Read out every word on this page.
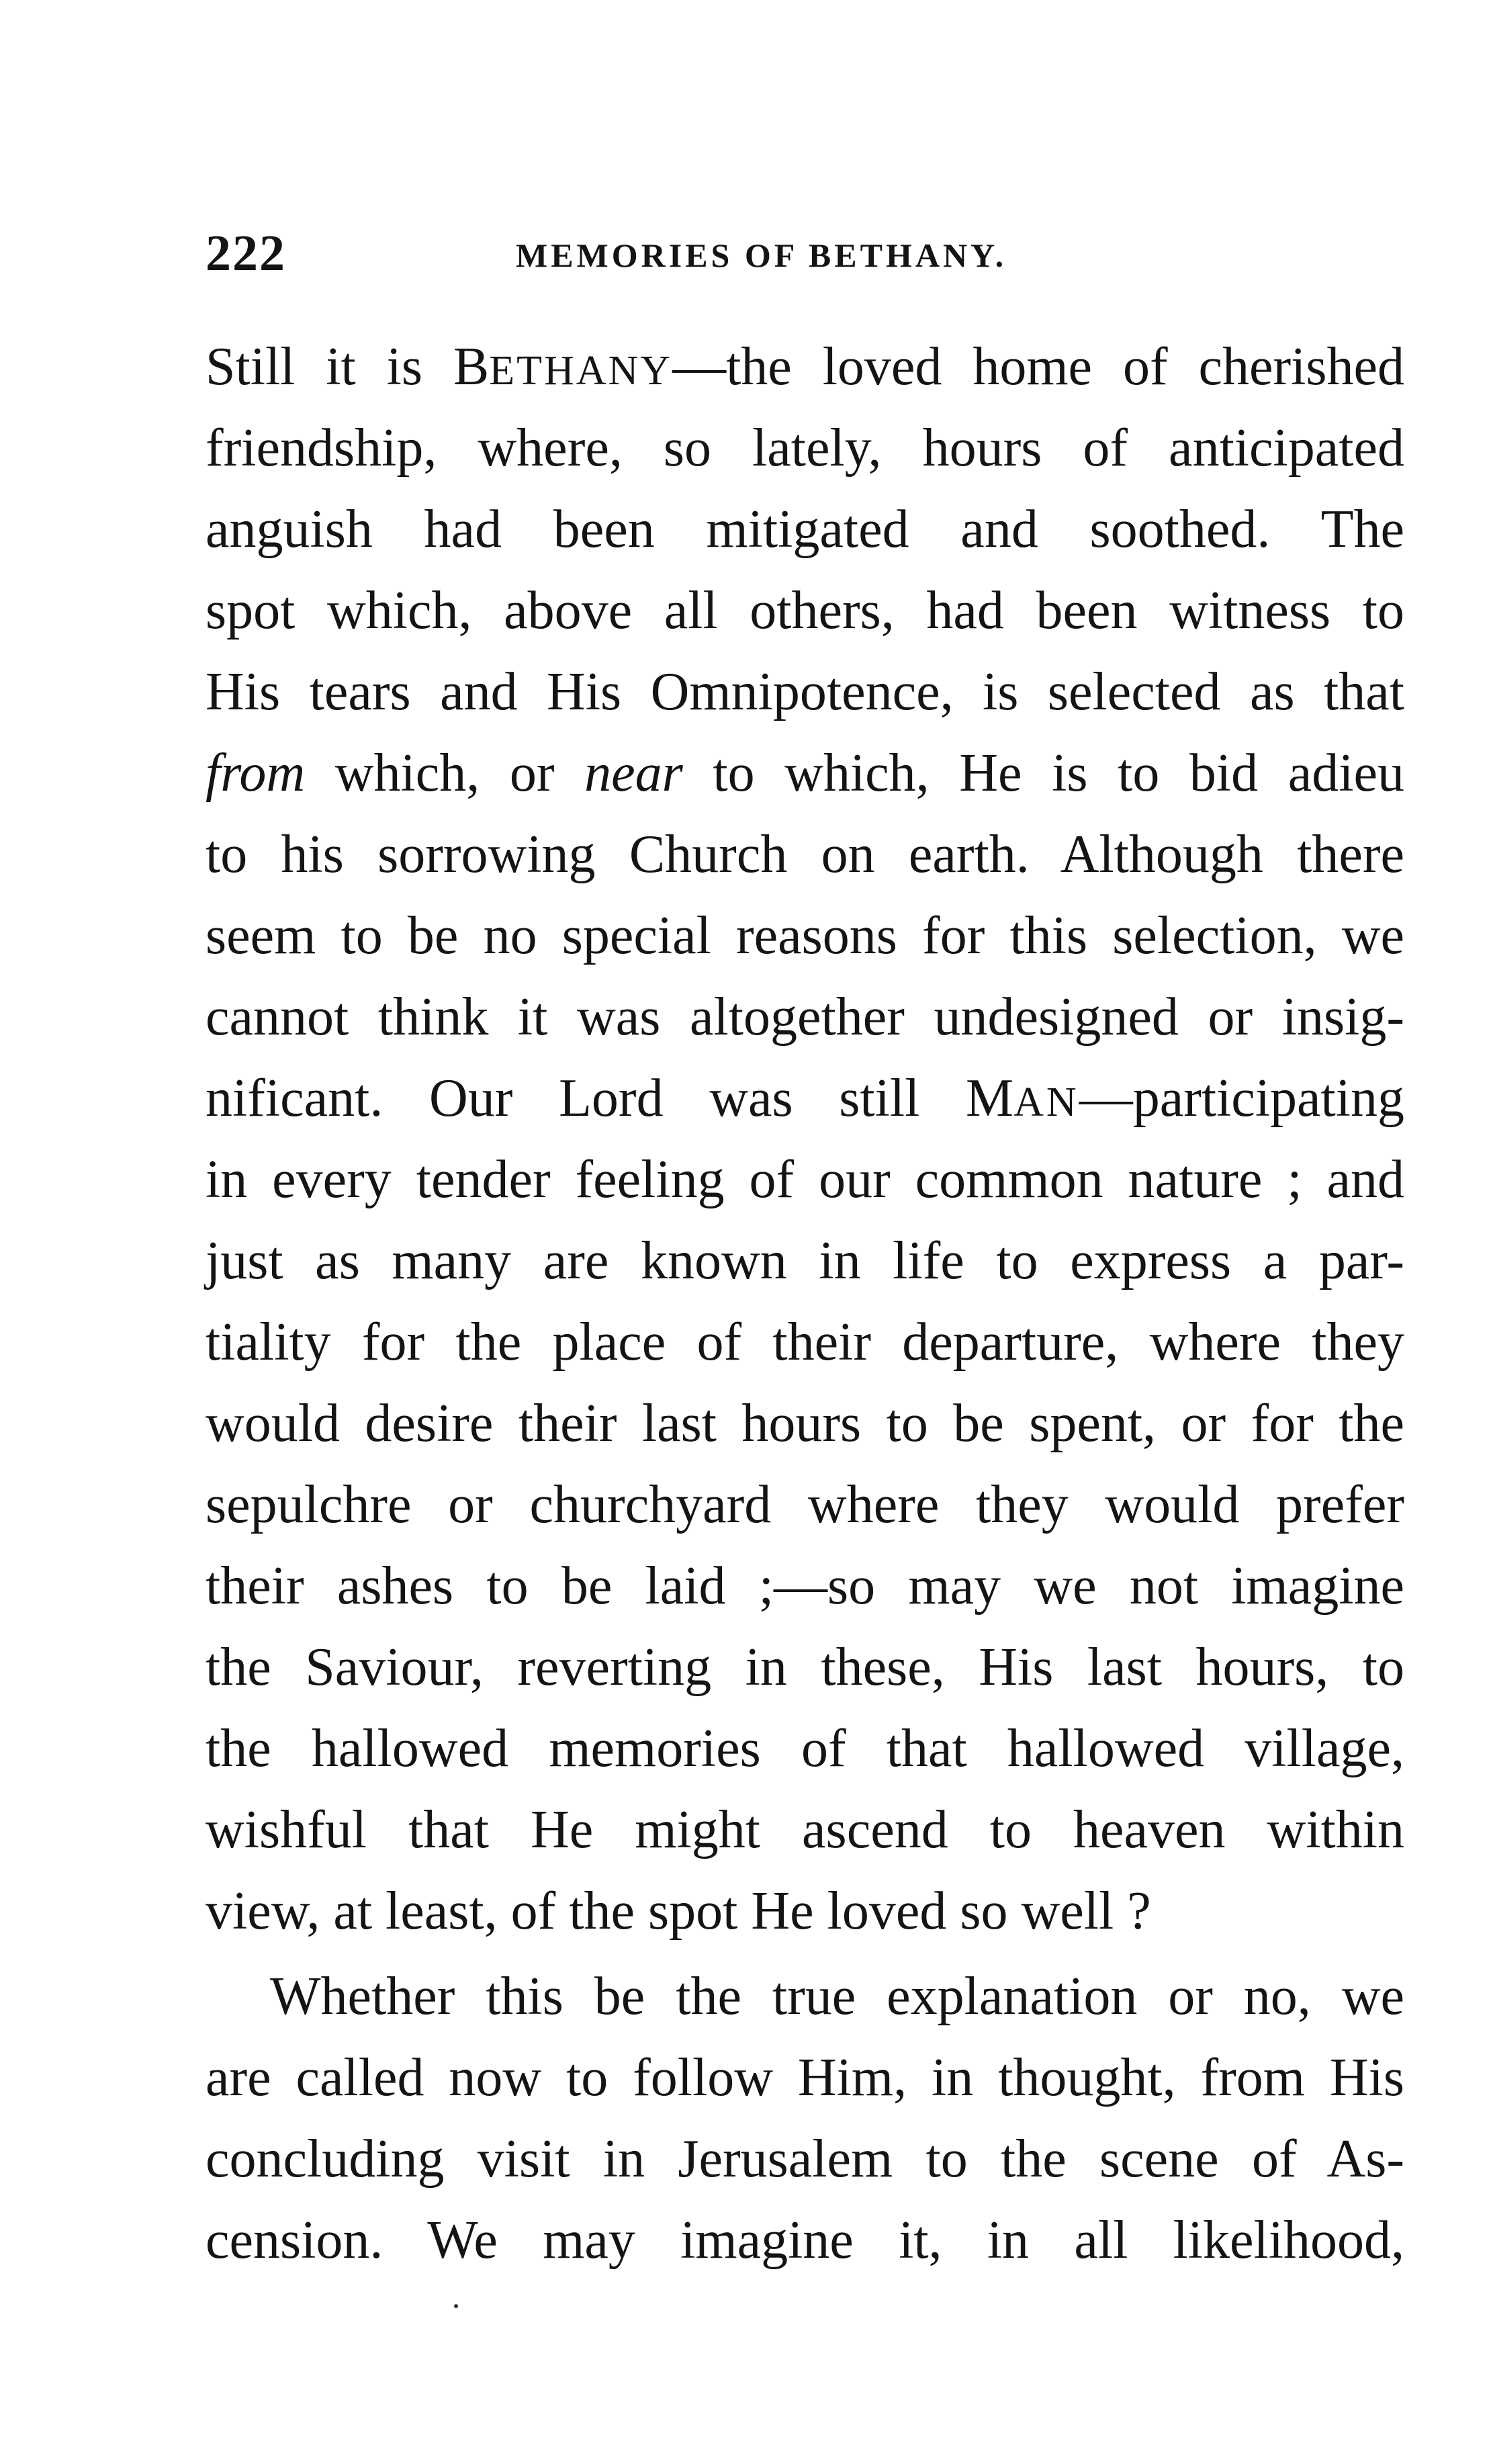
222	MEMORIES OF BETHANY.
Still it is BETHANY—the loved home of cherished
friendship, where, so lately, hours of anticipated
anguish had been mitigated and soothed. The
spot which, above all others, had been witness to
His tears and His Omnipotence, is selected as that
from which, or near to which, He is to bid adieu
to his sorrowing Church on earth. Although there
seem to be no special reasons for this selection, we
cannot think it was altogether undesigned or insig-
nificant. Our Lord was still MAN—participating
in every tender feeling of our common nature ; and
just as many are known in life to express a par-
tiality for the place of their departure, where they
would desire their last hours to be spent, or for the
sepulchre or churchyard where they would prefer
their ashes to be laid ;—so may we not imagine
the Saviour, reverting in these, His last hours, to
the hallowed memories of that hallowed village,
wishful that He might ascend to heaven within
view, at least, of the spot He loved so well ?
Whether this be the true explanation or no, we
are called now to follow Him, in thought, from His
concluding visit in Jerusalem to the scene of As-
cension. We may imagine it, in all likelihood,
